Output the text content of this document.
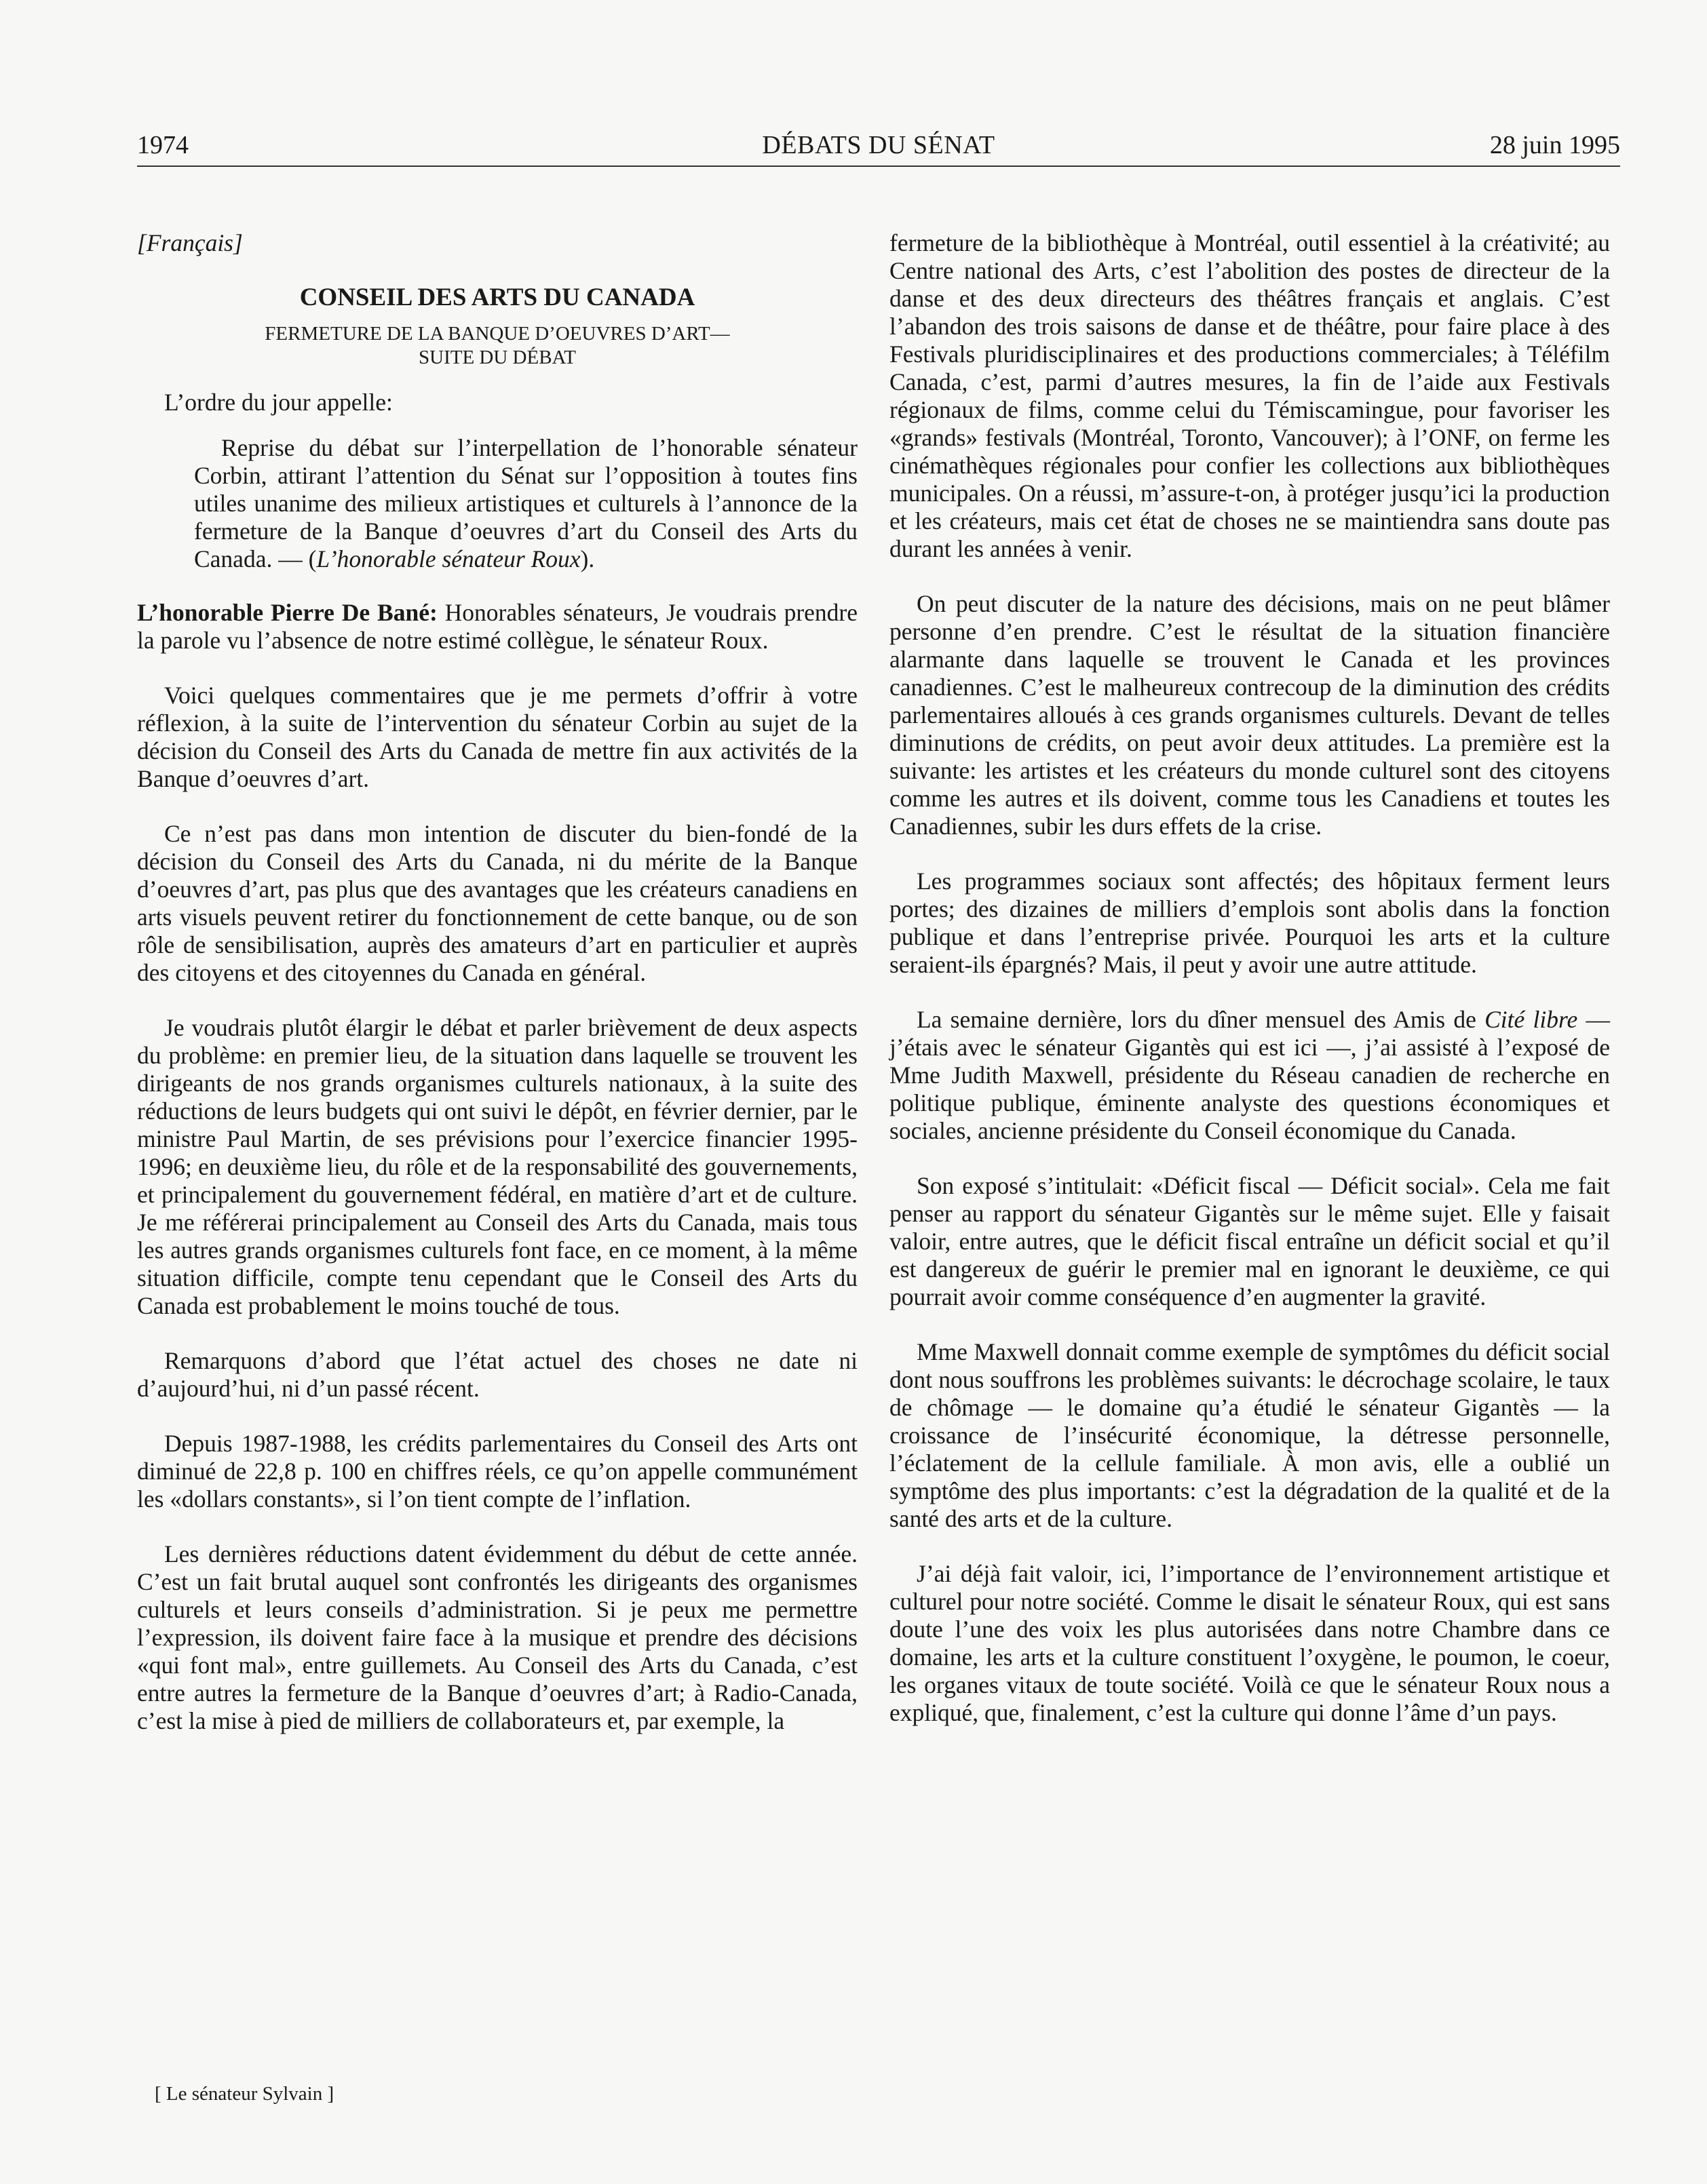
1974	DÉBATS DU SÉNAT	28 juin 1995
[Français]
CONSEIL DES ARTS DU CANADA
FERMETURE DE LA BANQUE D’OEUVRES D’ART—
SUITE DU DÉBAT
L’ordre du jour appelle:
Reprise du débat sur l’interpellation de l’honorable sénateur Corbin, attirant l’attention du Sénat sur l’opposition à toutes fins utiles unanime des milieux artistiques et culturels à l’annonce de la fermeture de la Banque d’oeuvres d’art du Conseil des Arts du Canada. — (L’honorable sénateur Roux).

L’honorable Pierre De Bané: Honorables sénateurs, Je voudrais prendre la parole vu l’absence de notre estimé collègue, le sénateur Roux.

Voici quelques commentaires que je me permets d’offrir à votre réflexion, à la suite de l’intervention du sénateur Corbin au sujet de la décision du Conseil des Arts du Canada de mettre fin aux activités de la Banque d’oeuvres d’art.

Ce n’est pas dans mon intention de discuter du bien-fondé de la décision du Conseil des Arts du Canada, ni du mérite de la Banque d’oeuvres d’art, pas plus que des avantages que les créateurs canadiens en arts visuels peuvent retirer du fonctionnement de cette banque, ou de son rôle de sensibilisation, auprès des amateurs d’art en particulier et auprès des citoyens et des citoyennes du Canada en général.

Je voudrais plutôt élargir le débat et parler brièvement de deux aspects du problème: en premier lieu, de la situation dans laquelle se trouvent les dirigeants de nos grands organismes culturels nationaux, à la suite des réductions de leurs budgets qui ont suivi le dépôt, en février dernier, par le ministre Paul Martin, de ses prévisions pour l’exercice financier 1995-1996; en deuxième lieu, du rôle et de la responsabilité des gouvernements, et principalement du gouvernement fédéral, en matière d’art et de culture. Je me référerai principalement au Conseil des Arts du Canada, mais tous les autres grands organismes culturels font face, en ce moment, à la même situation difficile, compte tenu cependant que le Conseil des Arts du Canada est probablement le moins touché de tous.

Remarquons d’abord que l’état actuel des choses ne date ni d’aujourd’hui, ni d’un passé récent.

Depuis 1987-1988, les crédits parlementaires du Conseil des Arts ont diminué de 22,8 p. 100 en chiffres réels, ce qu’on appelle communément les «dollars constants», si l’on tient compte de l’inflation.

Les dernières réductions datent évidemment du début de cette année. C’est un fait brutal auquel sont confrontés les dirigeants des organismes culturels et leurs conseils d’administration. Si je peux me permettre l’expression, ils doivent faire face à la musique et prendre des décisions «qui font mal», entre guillemets. Au Conseil des Arts du Canada, c’est entre autres la fermeture de la Banque d’oeuvres d’art; à Radio-Canada, c’est la mise à pied de milliers de collaborateurs et, par exemple, la

fermeture de la bibliothèque à Montréal, outil essentiel à la créativité; au Centre national des Arts, c’est l’abolition des postes de directeur de la danse et des deux directeurs des théâtres français et anglais. C’est l’abandon des trois saisons de danse et de théâtre, pour faire place à des Festivals pluridisciplinaires et des productions commerciales; à Téléfilm Canada, c’est, parmi d’autres mesures, la fin de l’aide aux Festivals régionaux de films, comme celui du Témiscamingue, pour favoriser les «grands» festivals (Montréal, Toronto, Vancouver); à l’ONF, on ferme les cinémathèques régionales pour confier les collections aux bibliothèques municipales. On a réussi, m’assure-t-on, à protéger jusqu’ici la production et les créateurs, mais cet état de choses ne se maintiendra sans doute pas durant les années à venir.

On peut discuter de la nature des décisions, mais on ne peut blâmer personne d’en prendre. C’est le résultat de la situation financière alarmante dans laquelle se trouvent le Canada et les provinces canadiennes. C’est le malheureux contrecoup de la diminution des crédits parlementaires alloués à ces grands organismes culturels. Devant de telles diminutions de crédits, on peut avoir deux attitudes. La première est la suivante: les artistes et les créateurs du monde culturel sont des citoyens comme les autres et ils doivent, comme tous les Canadiens et toutes les Canadiennes, subir les durs effets de la crise.

Les programmes sociaux sont affectés; des hôpitaux ferment leurs portes; des dizaines de milliers d’emplois sont abolis dans la fonction publique et dans l’entreprise privée. Pourquoi les arts et la culture seraient-ils épargnés? Mais, il peut y avoir une autre attitude.

La semaine dernière, lors du dîner mensuel des Amis de Cité libre — j’étais avec le sénateur Gigantès qui est ici —, j’ai assisté à l’exposé de Mme Judith Maxwell, présidente du Réseau canadien de recherche en politique publique, éminente analyste des questions économiques et sociales, ancienne présidente du Conseil économique du Canada.

Son exposé s’intitulait: «Déficit fiscal — Déficit social». Cela me fait penser au rapport du sénateur Gigantès sur le même sujet. Elle y faisait valoir, entre autres, que le déficit fiscal entraîne un déficit social et qu’il est dangereux de guérir le premier mal en ignorant le deuxième, ce qui pourrait avoir comme conséquence d’en augmenter la gravité.

Mme Maxwell donnait comme exemple de symptômes du déficit social dont nous souffrons les problèmes suivants: le décrochage scolaire, le taux de chômage — le domaine qu’a étudié le sénateur Gigantès — la croissance de l’insécurité économique, la détresse personnelle, l’éclatement de la cellule familiale. À mon avis, elle a oublié un symptôme des plus importants: c’est la dégradation de la qualité et de la santé des arts et de la culture.

J’ai déjà fait valoir, ici, l’importance de l’environnement artistique et culturel pour notre société. Comme le disait le sénateur Roux, qui est sans doute l’une des voix les plus autorisées dans notre Chambre dans ce domaine, les arts et la culture constituent l’oxygène, le poumon, le coeur, les organes vitaux de toute société. Voilà ce que le sénateur Roux nous a expliqué, que, finalement, c’est la culture qui donne l’âme d’un pays.

[ Le sénateur Sylvain ]
